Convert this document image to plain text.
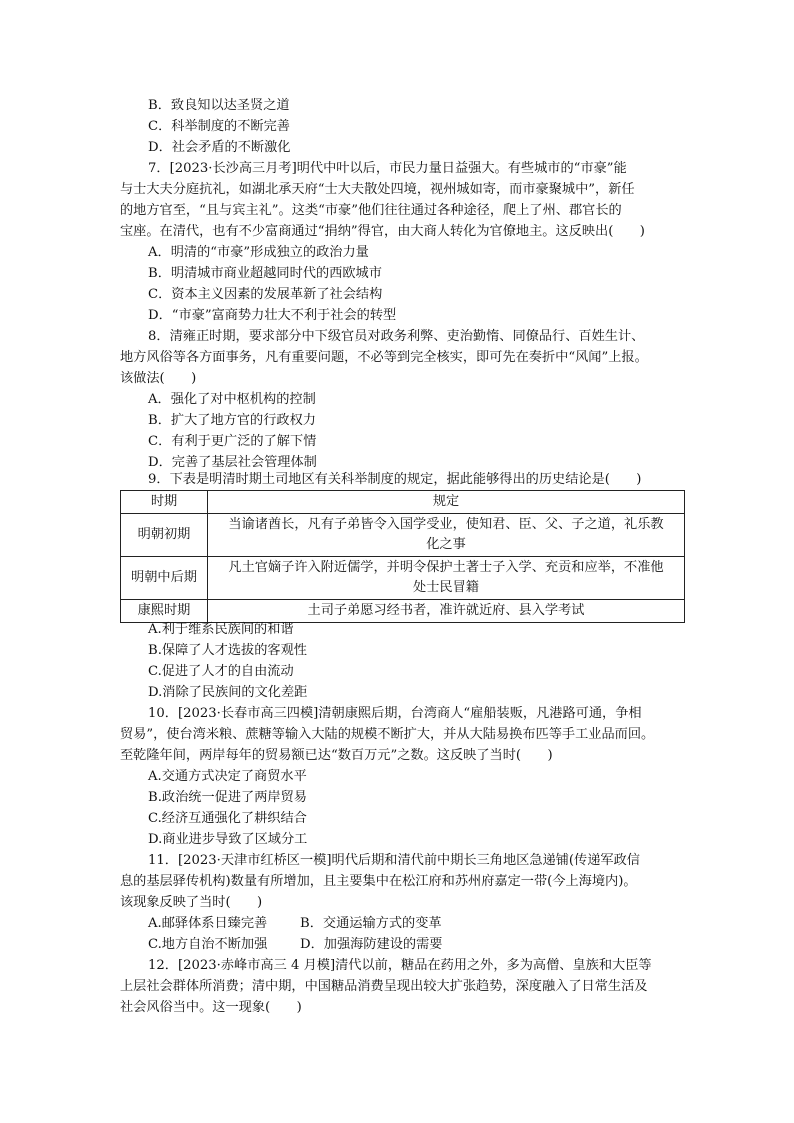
B．致良知以达圣贤之道
C．科举制度的不断完善
D．社会矛盾的不断激化
7．[2023·长沙高三月考]明代中叶以后，市民力量日益强大。有些城市的“市豪”能
与士大夫分庭抗礼，如湖北承天府“士大夫散处四境，视州城如寄，而市豪聚城中”，新任
的地方官至，“且与宾主礼”。这类“市豪”他们往往通过各种途径，爬上了州、郡官长的
宝座。在清代，也有不少富商通过“捐纳”得官，由大商人转化为官僚地主。这反映出(　　)
A．明清的“市豪”形成独立的政治力量
B．明清城市商业超越同时代的西欧城市
C．资本主义因素的发展革新了社会结构
D．“市豪”富商势力壮大不利于社会的转型
8．清雍正时期，要求部分中下级官员对政务利弊、吏治勤惰、同僚品行、百姓生计、
地方风俗等各方面事务，凡有重要问题，不必等到完全核实，即可先在奏折中“风闻”上报。
该做法(　　)
A．强化了对中枢机构的控制
B．扩大了地方官的行政权力
C．有利于更广泛的了解下情
D．完善了基层社会管理体制
9．下表是明清时期土司地区有关科举制度的规定，据此能够得出的历史结论是(　　)
时期	规定
明朝初期	当谕诸酋长，凡有子弟皆令入国学受业，使知君、臣、父、子之道，礼乐教
化之事

明朝中后期	凡土官嫡子许入附近儒学，并明令保护土著士子入学、充贡和应举，不准他
处士民冒籍

康熙时期	土司子弟愿习经书者，准许就近府、县入学考试
A.利于维系民族间的和谐
B.保障了人才选拔的客观性
C.促进了人才的自由流动
D.消除了民族间的文化差距
10．[2023·长春市高三四模]清朝康熙后期，台湾商人“雇船装贩，凡港路可通，争相
贸易”，使台湾米粮、蔗糖等输入大陆的规模不断扩大，并从大陆易换布匹等手工业品而回。
至乾隆年间，两岸每年的贸易额已达“数百万元”之数。这反映了当时(　　)
A.交通方式决定了商贸水平
B.政治统一促进了两岸贸易
C.经济互通强化了耕织结合
D.商业进步导致了区域分工
11．[2023·天津市红桥区一模]明代后期和清代前中期长三角地区急递铺(传递军政信
息的基层驿传机构)数量有所增加，且主要集中在松江府和苏州府嘉定一带(今上海境内)。
该现象反映了当时(　　)
A.邮驿体系日臻完善 B．交通运输方式的变革
C.地方自治不断加强 D．加强海防建设的需要
12．[2023·赤峰市高三 4 月模]清代以前，糖品在药用之外，多为高僧、皇族和大臣等
上层社会群体所消费；清中期，中国糖品消费呈现出较大扩张趋势，深度融入了日常生活及
社会风俗当中。这一现象(　　)
